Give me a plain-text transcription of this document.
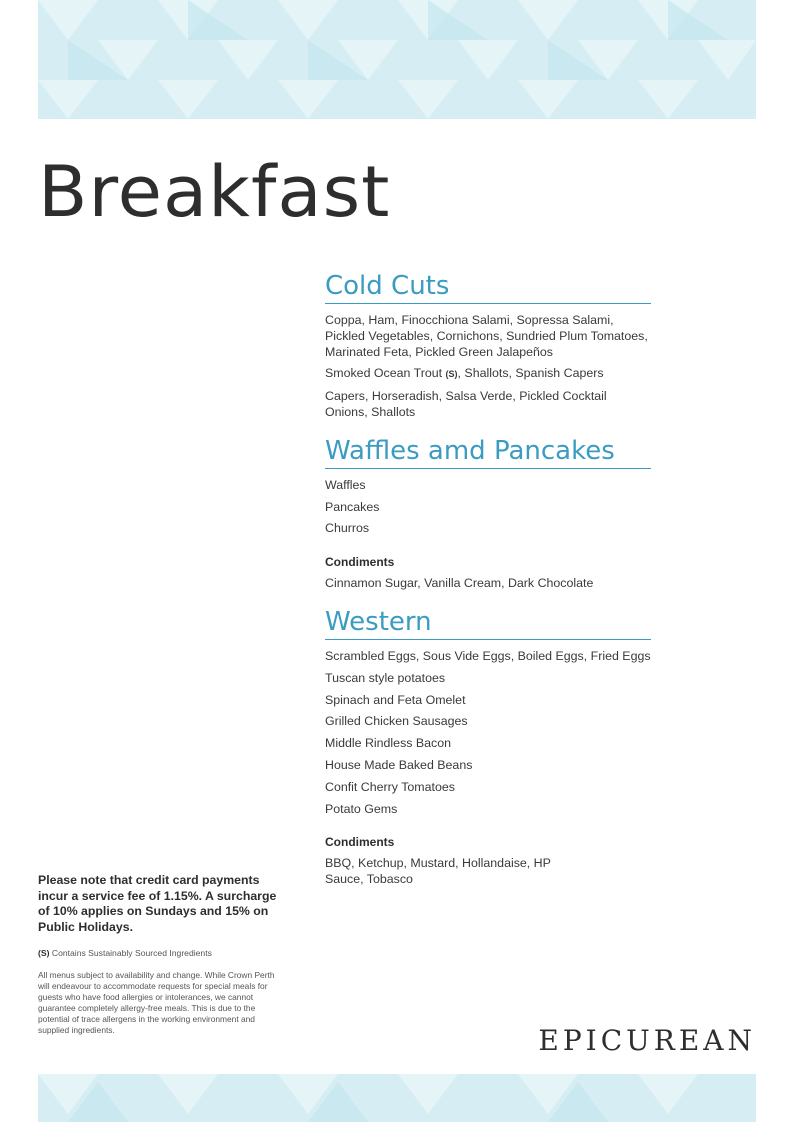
Breakfast
Cold Cuts

Coppa, Ham, Finocchiona Salami, Sopressa Salami, Pickled Vegetables, Cornichons, Sundried Plum Tomatoes, Marinated Feta, Pickled Green Jalapeños

Smoked Ocean Trout (S), Shallots, Spanish Capers

Capers, Horseradish, Salsa Verde, Pickled Cocktail Onions, Shallots

Waffles amd Pancakes

Waffles

Pancakes

Churros

Condiments

Cinnamon Sugar, Vanilla Cream, Dark Chocolate

Western

Scrambled Eggs, Sous Vide Eggs, Boiled Eggs, Fried Eggs

Tuscan style potatoes

Spinach and Feta Omelet

Grilled Chicken Sausages

Middle Rindless Bacon

House Made Baked Beans

Confit Cherry Tomatoes

Potato Gems

Condiments

BBQ, Ketchup, Mustard, Hollandaise, HP Sauce, Tobasco

Please note that credit card payments incur a service fee of 1.15%. A surcharge of 10% applies on Sundays and 15% on Public Holidays.

(S) Contains Sustainably Sourced Ingredients

All menus subject to availability and change. While Crown Perth will endeavour to accommodate requests for special meals for guests who have food allergies or intolerances, we cannot guarantee completely allergy-free meals. This is due to the potential of trace allergens in the working environment and supplied ingredients.	EPICUREAN
